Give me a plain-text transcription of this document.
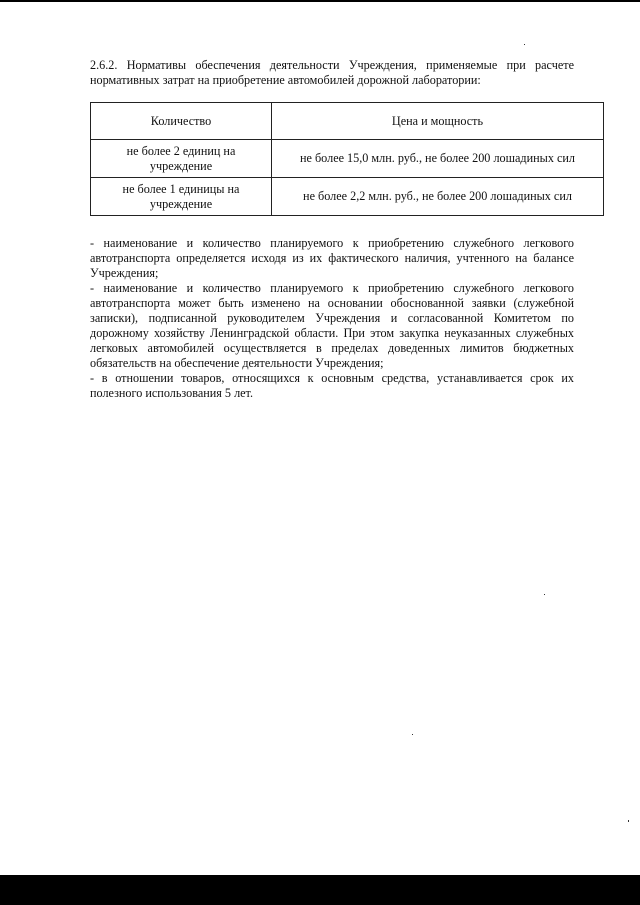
2.6.2. Нормативы обеспечения деятельности Учреждения, применяемые при расчете нормативных затрат на приобретение автомобилей дорожной лаборатории:

Количество	Цена и мощность
не более 2 единиц на учреждение	не более 15,0 млн. руб., не более 200 лошадиных сил
не более 1 единицы на учреждение	не более 2,2 млн. руб., не более 200 лошадиных сил

- наименование и количество планируемого к приобретению служебного легкового автотранспорта определяется исходя из их фактического наличия, учтенного на балансе Учреждения;

- наименование и количество планируемого к приобретению служебного легкового автотранспорта может быть изменено на основании обоснованной заявки (служебной записки), подписанной руководителем Учреждения и согласованной Комитетом по дорожному хозяйству Ленинградской области. При этом закупка неуказанных служебных легковых автомобилей осуществляется в пределах доведенных лимитов бюджетных обязательств на обеспечение деятельности Учреждения;

- в отношении товаров, относящихся к основным средства, устанавливается срок их полезного использования 5 лет.
